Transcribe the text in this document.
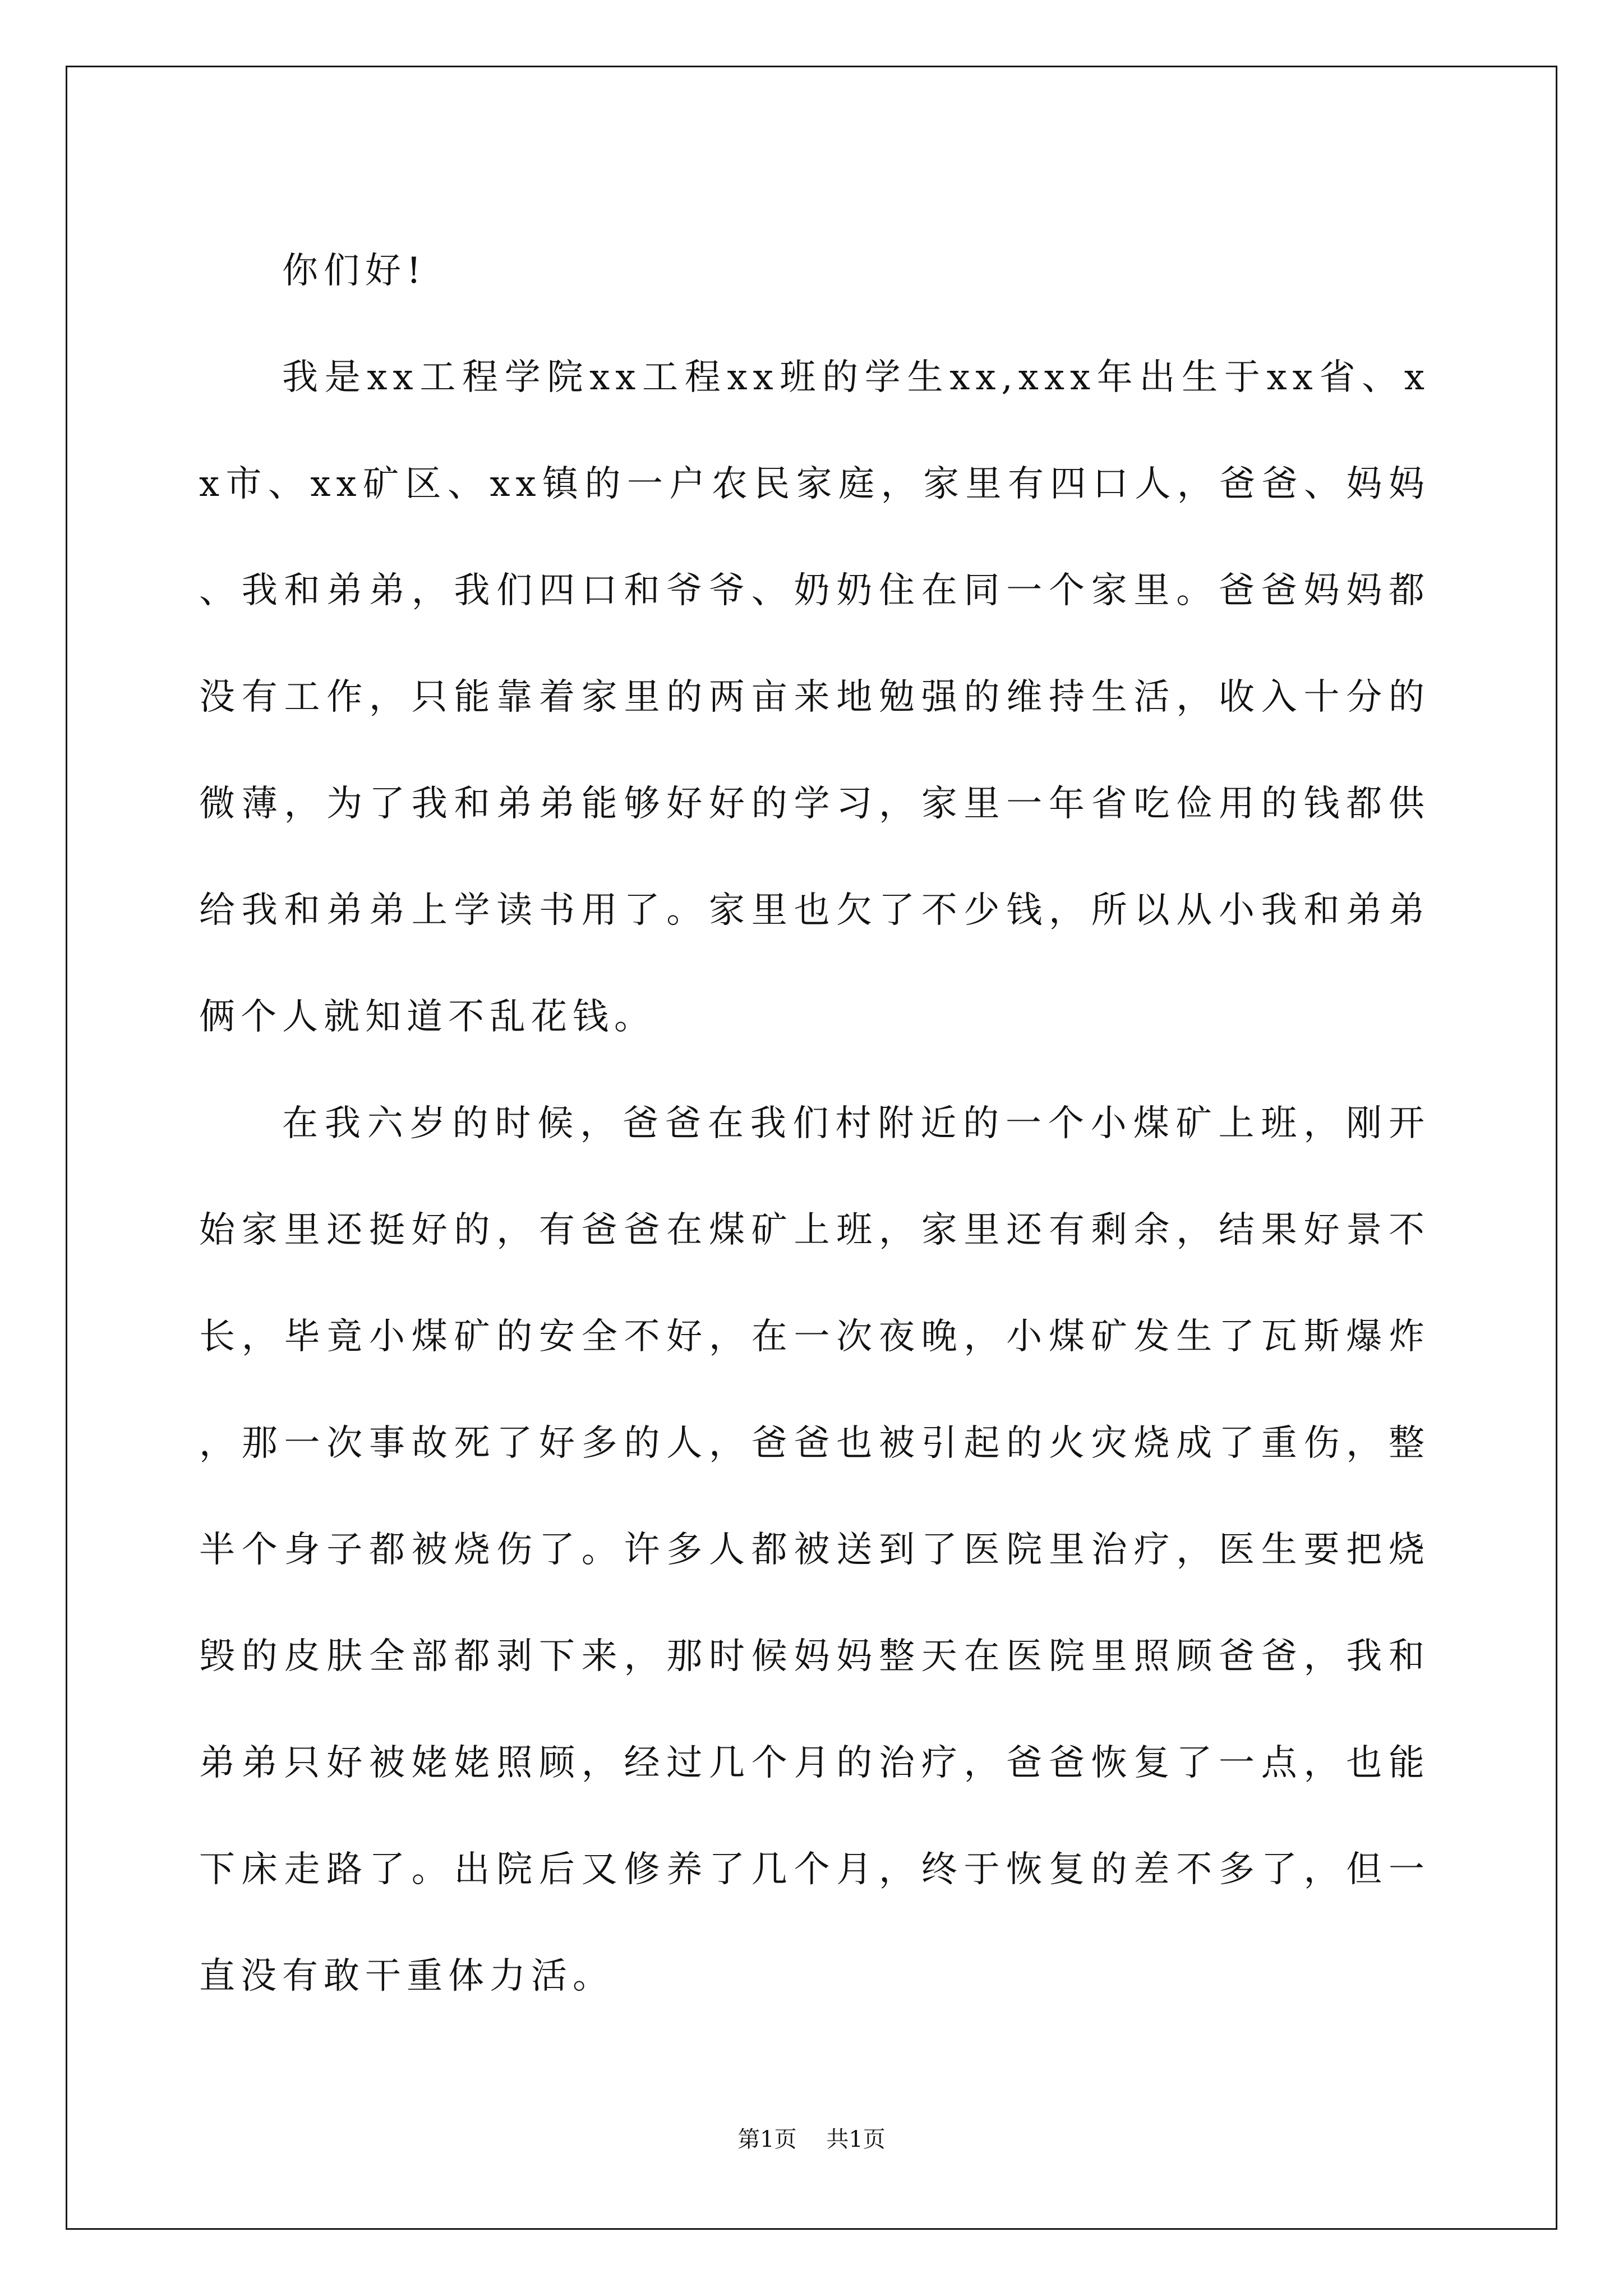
你们好!

我是xx工程学院xx工程xx班的学生xx,xxx年出生于xx省、xx市、xx矿区、xx镇的一户农民家庭，家里有四口人，爸爸、妈妈、我和弟弟，我们四口和爷爷、奶奶住在同一个家里。爸爸妈妈都没有工作，只能靠着家里的两亩来地勉强的维持生活，收入十分的微薄，为了我和弟弟能够好好的学习，家里一年省吃俭用的钱都供给我和弟弟上学读书用了。家里也欠了不少钱，所以从小我和弟弟俩个人就知道不乱花钱。

在我六岁的时候，爸爸在我们村附近的一个小煤矿上班，刚开始家里还挺好的，有爸爸在煤矿上班，家里还有剩余，结果好景不长，毕竟小煤矿的安全不好，在一次夜晚，小煤矿发生了瓦斯爆炸，那一次事故死了好多的人，爸爸也被引起的火灾烧成了重伤，整半个身子都被烧伤了。许多人都被送到了医院里治疗，医生要把烧毁的皮肤全部都剥下来，那时候妈妈整天在医院里照顾爸爸，我和弟弟只好被姥姥照顾，经过几个月的治疗，爸爸恢复了一点，也能下床走路了。出院后又修养了几个月，终于恢复的差不多了，但一直没有敢干重体力活。

第1页 共1页
